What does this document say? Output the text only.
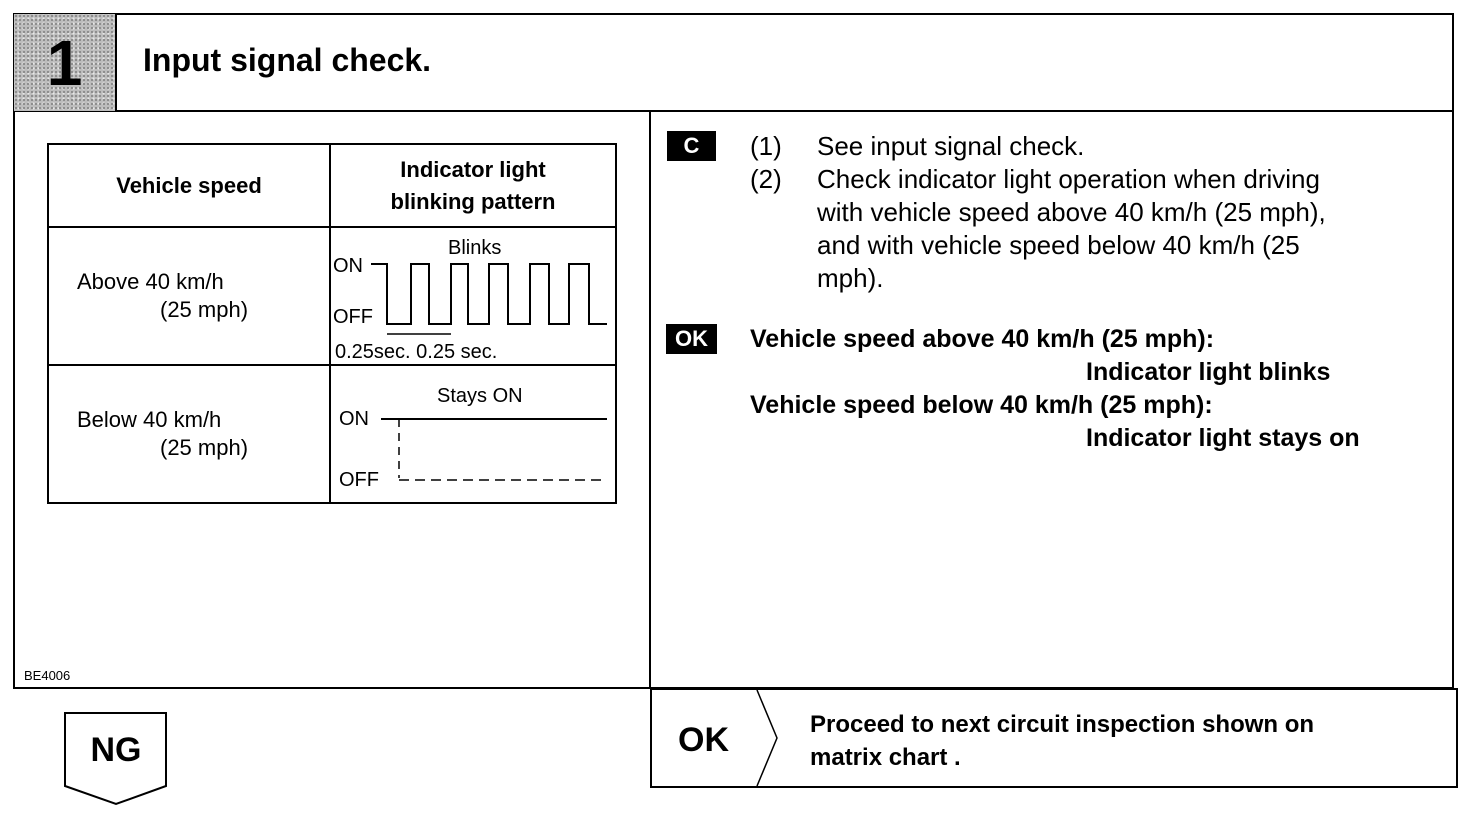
1 Input signal check.
Vehicle speed	Indicator light
blinking pattern
Above 40 km/h
(25 mph)	Blinks
ON
OFF
0.25sec. 0.25 sec.

Below 40 km/h
(25 mph)	Stays ON
ON
OFF
BE4006
C (1) See input signal check.
(2) Check indicator light operation when driving
with vehicle speed above 40 km/h (25 mph),
and with vehicle speed below 40 km/h (25
mph).
OK Vehicle speed above 40 km/h (25 mph):
Indicator light blinks
Vehicle speed below 40 km/h (25 mph):
Indicator light stays on
NG	OK	Proceed to next circuit inspection shown on
matrix chart .
